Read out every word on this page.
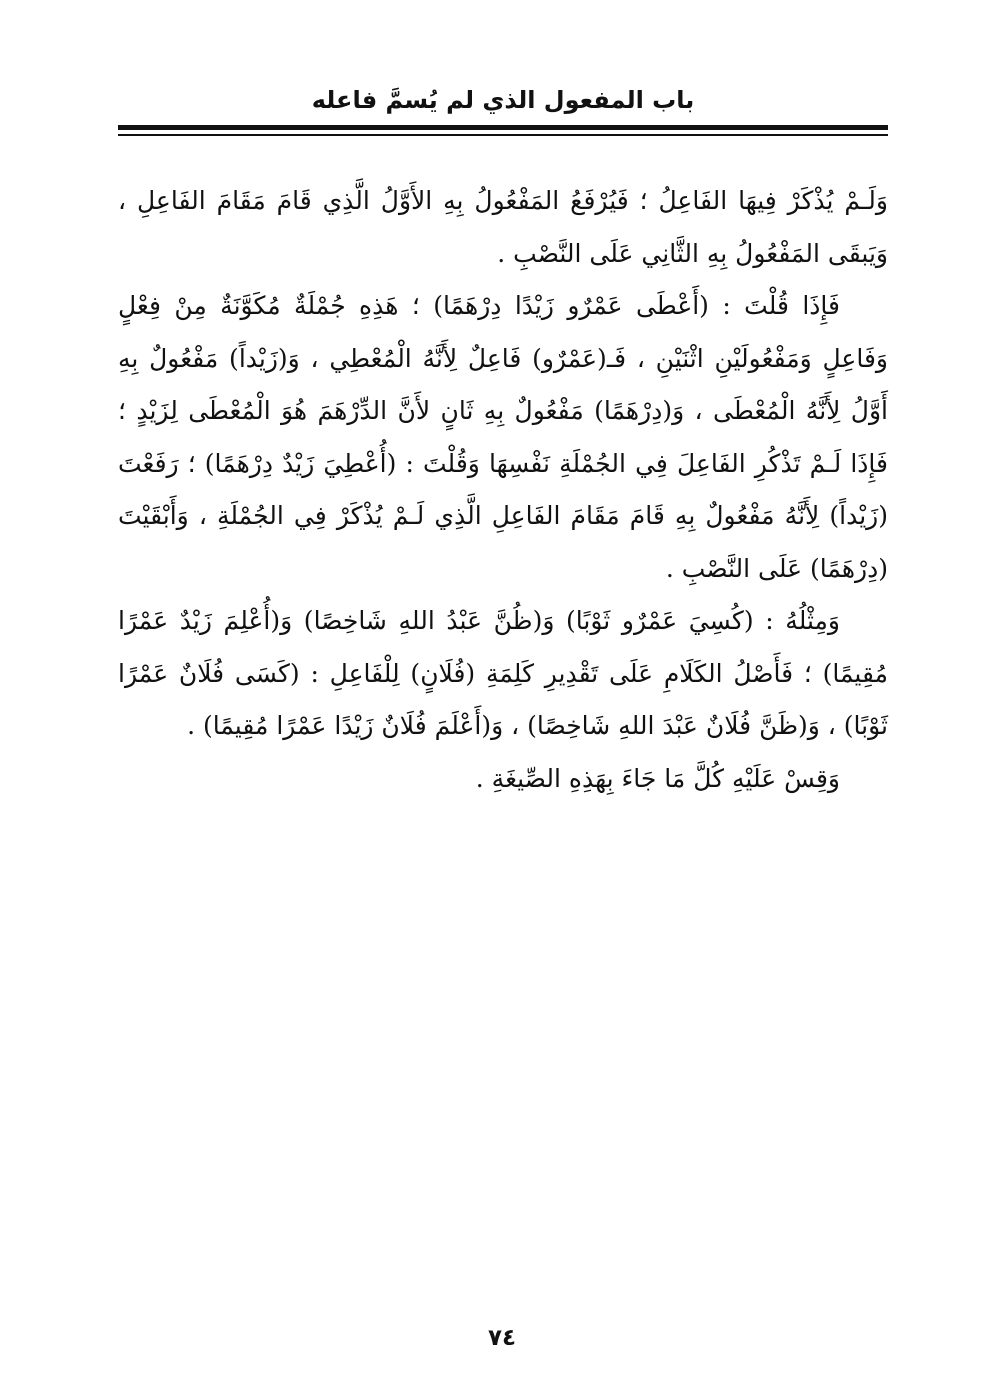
باب المفعول الذي لم يُسمَّ فاعله

وَلَـمْ يُذْكَرْ فِيهَا الفَاعِلُ ؛ فَيُرْفَعُ المَفْعُولُ بِهِ الأَوَّلُ الَّذِي قَامَ مَقَامَ الفَاعِلِ ، وَيَبقَى المَفْعُولُ بِهِ الثَّانِي عَلَى النَّصْبِ .

فَإِذَا قُلْتَ : (أَعْطَى عَمْرٌو زَيْدًا دِرْهَمًا) ؛ هَذِهِ جُمْلَةٌ مُكَوَّنَةٌ مِنْ فِعْلٍ وَفَاعِلٍ وَمَفْعُولَيْنِ اثْنَيْنِ ، فَـ(عَمْرٌو) فَاعِلٌ لِأَنَّهُ الْمُعْطِي ، وَ(زَيْداً) مَفْعُولٌ بِهِ أَوَّلُ لِأَنَّهُ الْمُعْطَى ، وَ(دِرْهَمًا) مَفْعُولٌ بِهِ ثَانٍ لأَنَّ الدِّرْهَمَ هُوَ الْمُعْطَى لِزَيْدٍ ؛ فَإِذَا لَـمْ تَذْكُرِ الفَاعِلَ فِي الجُمْلَةِ نَفْسِهَا وَقُلْتَ : (أُعْطِيَ زَيْدٌ دِرْهَمًا) ؛ رَفَعْتَ (زَيْداً) لِأَنَّهُ مَفْعُولٌ بِهِ قَامَ مَقَامَ الفَاعِلِ الَّذِي لَـمْ يُذْكَرْ فِي الجُمْلَةِ ، وَأَبْقَيْتَ (دِرْهَمًا) عَلَى النَّصْبِ .

وَمِثْلُهُ : (كُسِيَ عَمْرٌو ثَوْبًا) وَ(ظُنَّ عَبْدُ اللهِ شَاخِصًا) وَ(أُعْلِمَ زَيْدٌ عَمْرًا مُقِيمًا) ؛ فَأَصْلُ الكَلَامِ عَلَى تَقْدِيرِ كَلِمَةِ (فُلَانٍ) لِلْفَاعِلِ : (كَسَى فُلَانٌ عَمْرًا ثَوْبًا) ، وَ(ظَنَّ فُلَانٌ عَبْدَ اللهِ شَاخِصًا) ، وَ(أَعْلَمَ فُلَانٌ زَيْدًا عَمْرًا مُقِيمًا) .

وَقِسْ عَلَيْهِ كُلَّ مَا جَاءَ بِهَذِهِ الصِّيغَةِ .

٧٤
